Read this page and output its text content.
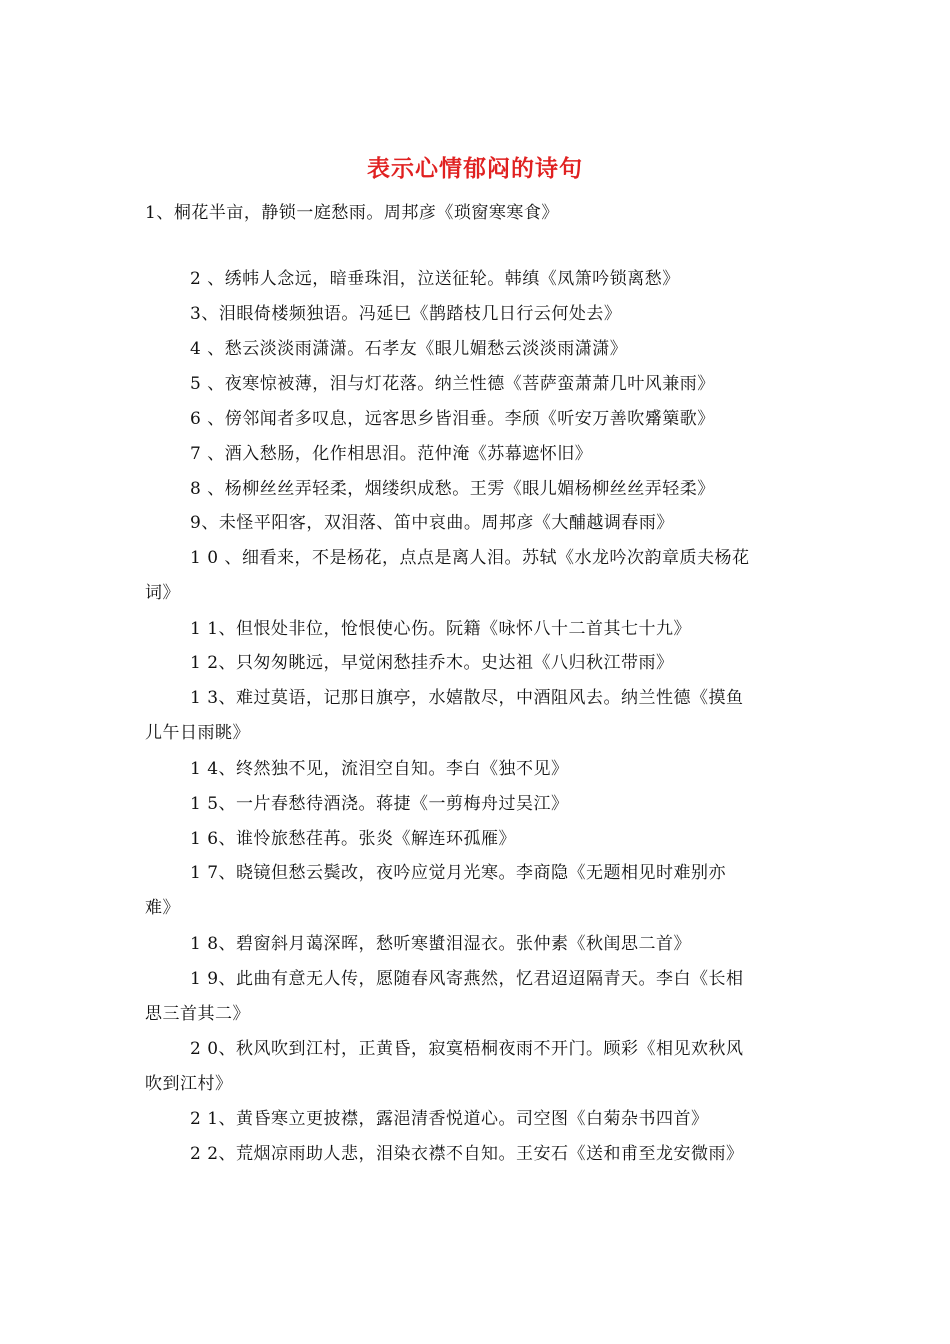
表示心情郁闷的诗句
1、桐花半亩，静锁一庭愁雨。周邦彦《琐窗寒寒食》
2 、绣帏人念远，暗垂珠泪，泣送征轮。韩缜《凤箫吟锁离愁》
3、泪眼倚楼频独语。冯延巳《鹊踏枝几日行云何处去》
4 、愁云淡淡雨潇潇。石孝友《眼儿媚愁云淡淡雨潇潇》
5 、夜寒惊被薄，泪与灯花落。纳兰性德《菩萨蛮萧萧几叶风兼雨》
6 、傍邻闻者多叹息，远客思乡皆泪垂。李颀《听安万善吹觱篥歌》
7 、酒入愁肠，化作相思泪。范仲淹《苏幕遮怀旧》
8 、杨柳丝丝弄轻柔，烟缕织成愁。王雱《眼儿媚杨柳丝丝弄轻柔》
9、未怪平阳客，双泪落、笛中哀曲。周邦彦《大酺越调春雨》
1 0 、细看来，不是杨花，点点是离人泪。苏轼《水龙吟次韵章质夫杨花
词》
1 1、但恨处非位，怆恨使心伤。阮籍《咏怀八十二首其七十九》
1 2、只匆匆眺远，早觉闲愁挂乔木。史达祖《八归秋江带雨》
1 3、难过莫语，记那日旗亭，水嬉散尽，中酒阻风去。纳兰性德《摸鱼
儿午日雨眺》
1 4、终然独不见，流泪空自知。李白《独不见》
1 5、一片春愁待酒浇。蒋捷《一剪梅舟过吴江》
1 6、谁怜旅愁荏苒。张炎《解连环孤雁》
1 7、晓镜但愁云鬓改，夜吟应觉月光寒。李商隐《无题相见时难别亦
难》
1 8、碧窗斜月蔼深晖，愁听寒螿泪湿衣。张仲素《秋闺思二首》
1 9、此曲有意无人传，愿随春风寄燕然，忆君迢迢隔青天。李白《长相
思三首其二》
2 0、秋风吹到江村，正黄昏，寂寞梧桐夜雨不开门。顾彩《相见欢秋风
吹到江村》
2 1、黄昏寒立更披襟，露浥清香悦道心。司空图《白菊杂书四首》
2 2、荒烟凉雨助人悲，泪染衣襟不自知。王安石《送和甫至龙安微雨》
